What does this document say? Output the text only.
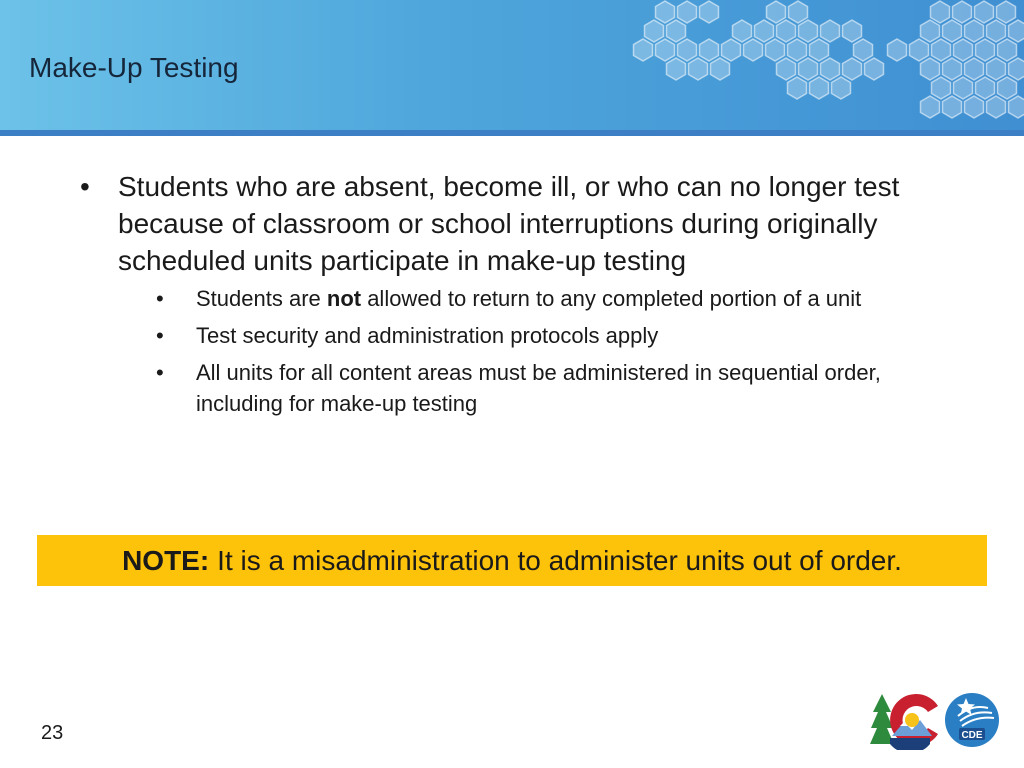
Make-Up Testing
• Students who are absent, become ill, or who can no longer test because of classroom or school interruptions during originally scheduled units participate in make-up testing
• Students are not allowed to return to any completed portion of a unit
• Test security and administration protocols apply
• All units for all content areas must be administered in sequential order, including for make-up testing
NOTE: It is a misadministration to administer units out of order.
23	CDE
